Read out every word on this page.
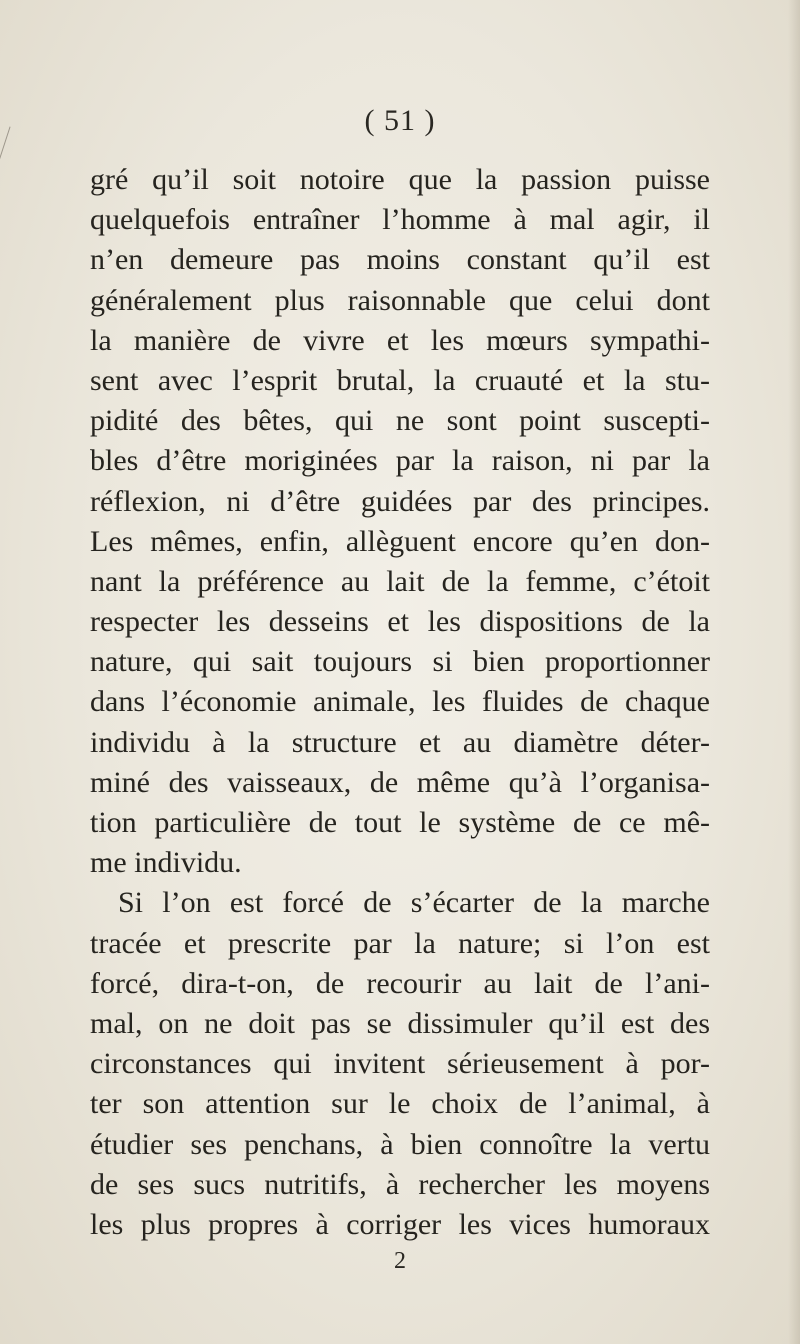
( 51 )
gré qu’il soit notoire que la passion puisse
quelquefois entraîner l’homme à mal agir, il
n’en demeure pas moins constant qu’il est
généralement plus raisonnable que celui dont
la manière de vivre et les mœurs sympathi-
sent avec l’esprit brutal, la cruauté et la stu-
pidité des bêtes, qui ne sont point suscepti-
bles d’être moriginées par la raison, ni par la
réflexion, ni d’être guidées par des principes.
Les mêmes, enfin, allèguent encore qu’en don-
nant la préférence au lait de la femme, c’étoit
respecter les desseins et les dispositions de la
nature, qui sait toujours si bien proportionner
dans l’économie animale, les fluides de chaque
individu à la structure et au diamètre déter-
miné des vaisseaux, de même qu’à l’organisa-
tion particulière de tout le système de ce mê-
me individu.
Si l’on est forcé de s’écarter de la marche
tracée et prescrite par la nature; si l’on est
forcé, dira-t-on, de recourir au lait de l’ani-
mal, on ne doit pas se dissimuler qu’il est des
circonstances qui invitent sérieusement à por-
ter son attention sur le choix de l’animal, à
étudier ses penchans, à bien connoître la vertu
de ses sucs nutritifs, à rechercher les moyens
les plus propres à corriger les vices humoraux
2
